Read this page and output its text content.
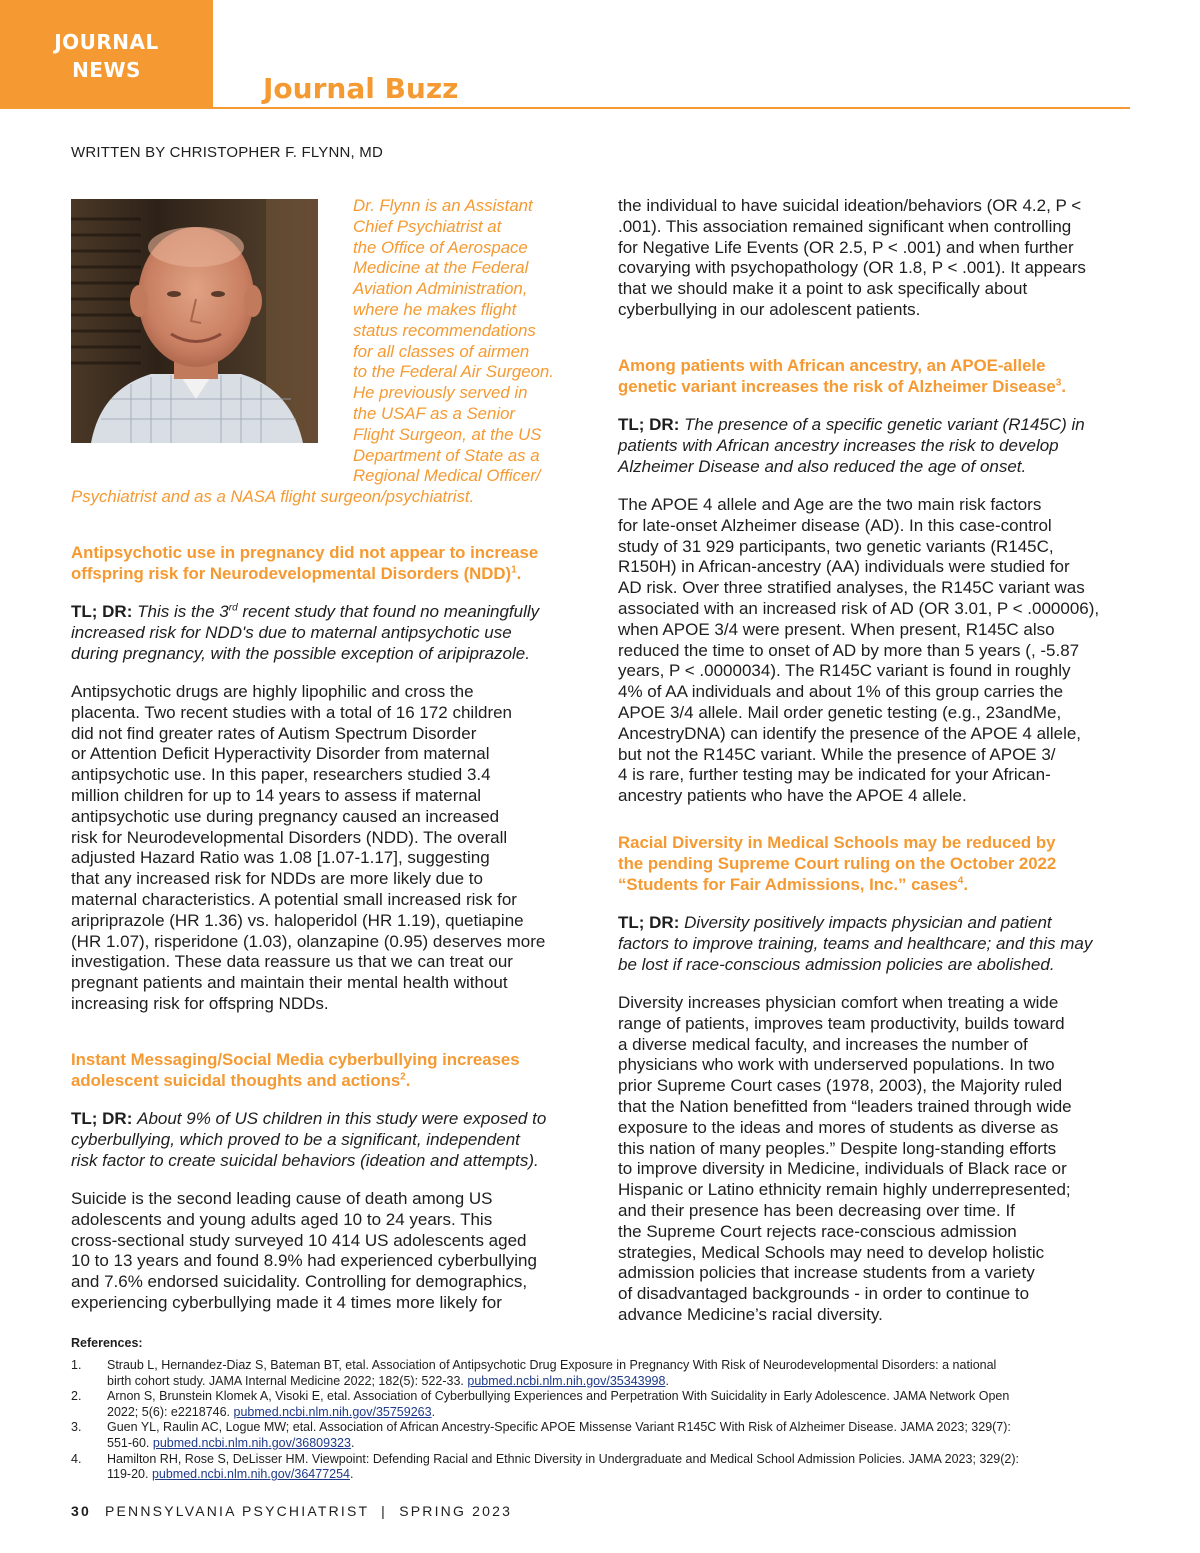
JOURNAL
NEWS
Journal Buzz
WRITTEN BY CHRISTOPHER F. FLYNN, MD
Dr. Flynn is an Assistant
Chief Psychiatrist at
the Office of Aerospace
Medicine at the Federal
Aviation Administration,
where he makes flight
status recommendations
for all classes of airmen
to the Federal Air Surgeon.
He previously served in
the USAF as a Senior
Flight Surgeon, at the US
Department of State as a
Regional Medical Officer/
Psychiatrist and as a NASA flight surgeon/psychiatrist.
Antipsychotic use in pregnancy did not appear to increase
offspring risk for Neurodevelopmental Disorders (NDD)$^1$.
TL; DR: This is the 3rd recent study that found no meaningfully
increased risk for NDD's due to maternal antipsychotic use
during pregnancy, with the possible exception of aripiprazole.
Antipsychotic drugs are highly lipophilic and cross the
placenta. Two recent studies with a total of 16 172 children
did not find greater rates of Autism Spectrum Disorder
or Attention Deficit Hyperactivity Disorder from maternal
antipsychotic use. In this paper, researchers studied 3.4
million children for up to 14 years to assess if maternal
antipsychotic use during pregnancy caused an increased
risk for Neurodevelopmental Disorders (NDD). The overall
adjusted Hazard Ratio was 1.08 [1.07-1.17], suggesting
that any increased risk for NDDs are more likely due to
maternal characteristics. A potential small increased risk for
aripriprazole (HR 1.36) vs. haloperidol (HR 1.19), quetiapine
(HR 1.07), risperidone (1.03), olanzapine (0.95) deserves more
investigation. These data reassure us that we can treat our
pregnant patients and maintain their mental health without
increasing risk for offspring NDDs.
Instant Messaging/Social Media cyberbullying increases
adolescent suicidal thoughts and actions$^2$.
TL; DR: About 9% of US children in this study were exposed to
cyberbullying, which proved to be a significant, independent
risk factor to create suicidal behaviors (ideation and attempts).
Suicide is the second leading cause of death among US
adolescents and young adults aged 10 to 24 years. This
cross-sectional study surveyed 10 414 US adolescents aged
10 to 13 years and found 8.9% had experienced cyberbullying
and 7.6% endorsed suicidality. Controlling for demographics,
experiencing cyberbullying made it 4 times more likely for
the individual to have suicidal ideation/behaviors (OR 4.2, P <
.001). This association remained significant when controlling
for Negative Life Events (OR 2.5, P < .001) and when further
covarying with psychopathology (OR 1.8, P < .001). It appears
that we should make it a point to ask specifically about
cyberbullying in our adolescent patients.
Among patients with African ancestry, an APOE-allele
genetic variant increases the risk of Alzheimer Disease$^3$.
TL; DR: The presence of a specific genetic variant (R145C) in
patients with African ancestry increases the risk to develop
Alzheimer Disease and also reduced the age of onset.
The APOE 4 allele and Age are the two main risk factors
for late-onset Alzheimer disease (AD). In this case-control
study of 31 929 participants, two genetic variants (R145C,
R150H) in African-ancestry (AA) individuals were studied for
AD risk. Over three stratified analyses, the R145C variant was
associated with an increased risk of AD (OR 3.01, P < .000006),
when APOE 3/4 were present. When present, R145C also
reduced the time to onset of AD by more than 5 years (, -5.87
years, P < .0000034). The R145C variant is found in roughly
4% of AA individuals and about 1% of this group carries the
APOE 3/4 allele. Mail order genetic testing (e.g., 23andMe,
AncestryDNA) can identify the presence of the APOE 4 allele,
but not the R145C variant. While the presence of APOE 3/
4 is rare, further testing may be indicated for your African-
ancestry patients who have the APOE 4 allele.
Racial Diversity in Medical Schools may be reduced by
the pending Supreme Court ruling on the October 2022
“Students for Fair Admissions, Inc.” cases$^4$.
TL; DR: Diversity positively impacts physician and patient
factors to improve training, teams and healthcare; and this may
be lost if race-conscious admission policies are abolished.
Diversity increases physician comfort when treating a wide
range of patients, improves team productivity, builds toward
a diverse medical faculty, and increases the number of
physicians who work with underserved populations. In two
prior Supreme Court cases (1978, 2003), the Majority ruled
that the Nation benefitted from “leaders trained through wide
exposure to the ideas and mores of students as diverse as
this nation of many peoples.” Despite long-standing efforts
to improve diversity in Medicine, individuals of Black race or
Hispanic or Latino ethnicity remain highly underrepresented;
and their presence has been decreasing over time. If
the Supreme Court rejects race-conscious admission
strategies, Medical Schools may need to develop holistic
admission policies that increase students from a variety
of disadvantaged backgrounds - in order to continue to
advance Medicine’s racial diversity.
References:
1. Straub L, Hernandez-Diaz S, Bateman BT, etal. Association of Antipsychotic Drug Exposure in Pregnancy With Risk of Neurodevelopmental Disorders: a national
birth cohort study. JAMA Internal Medicine 2022; 182(5): 522-33. pubmed.ncbi.nlm.nih.gov/35343998.
2. Arnon S, Brunstein Klomek A, Visoki E, etal. Association of Cyberbullying Experiences and Perpetration With Suicidality in Early Adolescence. JAMA Network Open
2022; 5(6): e2218746. pubmed.ncbi.nlm.nih.gov/35759263.
3. Guen YL, Raulin AC, Logue MW; etal. Association of African Ancestry-Specific APOE Missense Variant R145C With Risk of Alzheimer Disease. JAMA 2023; 329(7):
551-60. pubmed.ncbi.nlm.nih.gov/36809323.
4. Hamilton RH, Rose S, DeLisser HM. Viewpoint: Defending Racial and Ethnic Diversity in Undergraduate and Medical School Admission Policies. JAMA 2023; 329(2):
119-20. pubmed.ncbi.nlm.nih.gov/36477254.
30 PENNSYLVANIA PSYCHIATRIST  |  SPRING 2023
